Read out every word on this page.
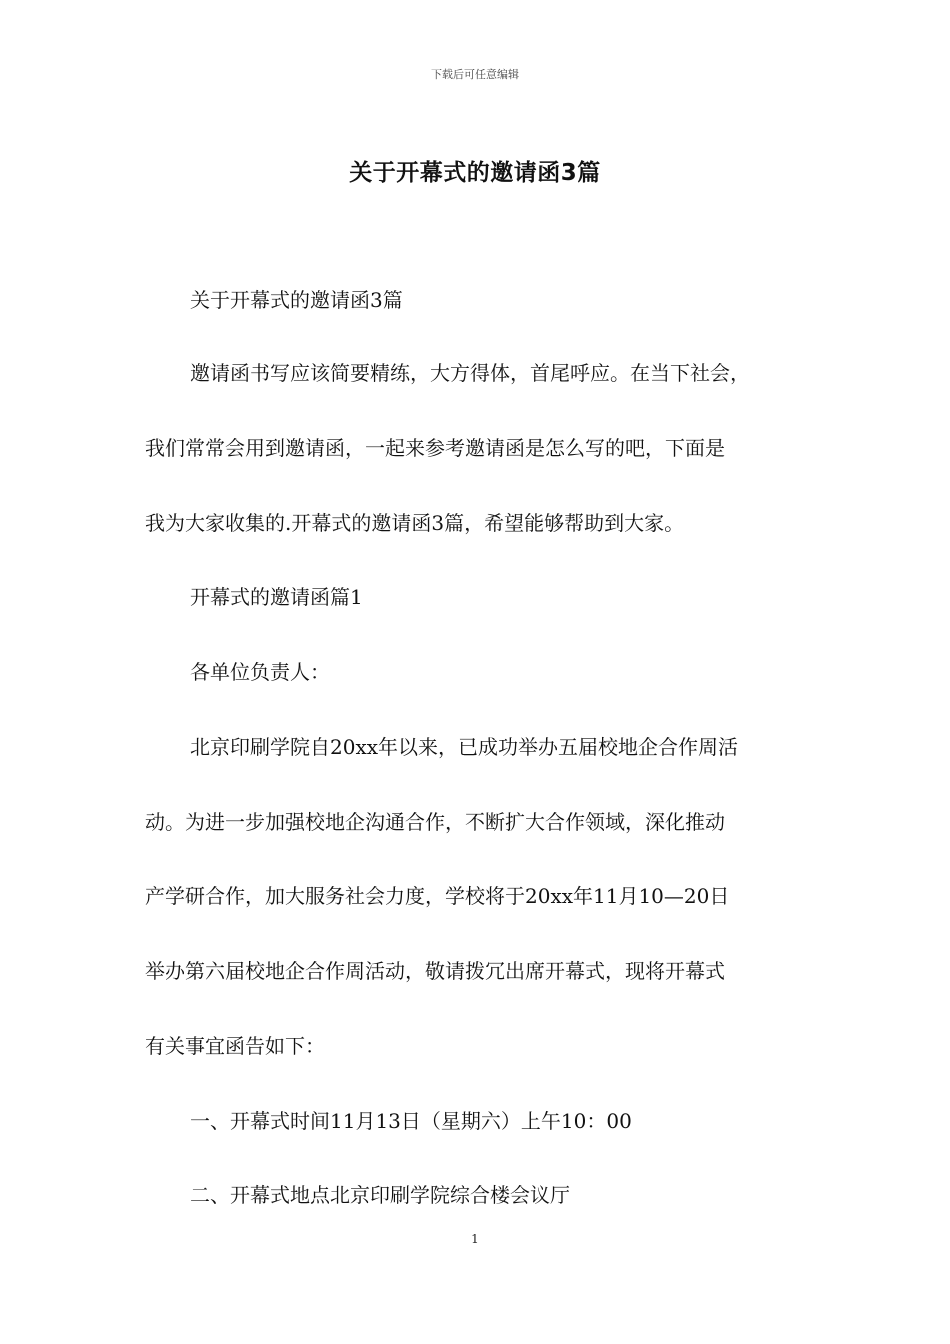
下载后可任意编辑
关于开幕式的邀请函3篇
关于开幕式的邀请函3篇
邀请函书写应该简要精练，大方得体，首尾呼应。在当下社会，
我们常常会用到邀请函，一起来参考邀请函是怎么写的吧，下面是
我为大家收集的.开幕式的邀请函3篇，希望能够帮助到大家。
开幕式的邀请函篇1
各单位负责人：
北京印刷学院自20xx年以来，已成功举办五届校地企合作周活
动。为进一步加强校地企沟通合作，不断扩大合作领域，深化推动
产学研合作，加大服务社会力度，学校将于20xx年11月10—20日
举办第六届校地企合作周活动，敬请拨冗出席开幕式，现将开幕式
有关事宜函告如下：
一、开幕式时间11月13日（星期六）上午10：00
二、开幕式地点北京印刷学院综合楼会议厅
1
